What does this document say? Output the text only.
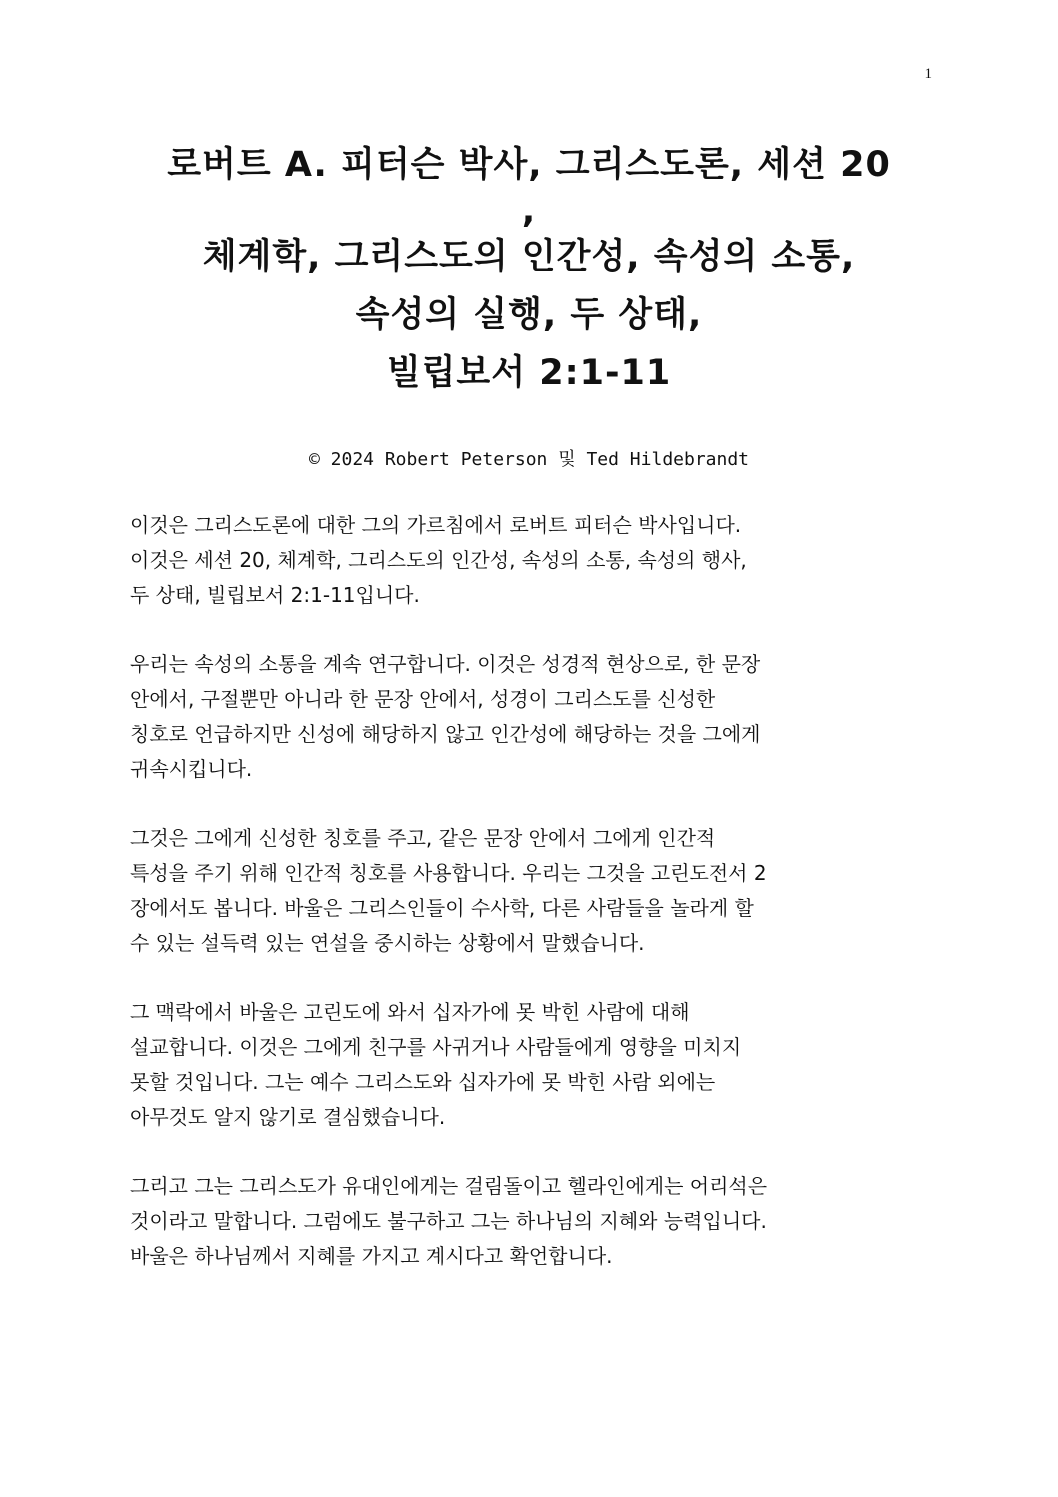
1
로버트 A. 피터슨 박사, 그리스도론, 세션 20
,
체계학, 그리스도의 인간성, 속성의 소통,
속성의 실행, 두 상태,
빌립보서 2:1-11
© 2024 Robert Peterson 및 Ted Hildebrandt

이것은 그리스도론에 대한 그의 가르침에서 로버트 피터슨 박사입니다.
이것은 세션 20, 체계학, 그리스도의 인간성, 속성의 소통, 속성의 행사,
두 상태, 빌립보서 2:1-11입니다.

우리는 속성의 소통을 계속 연구합니다. 이것은 성경적 현상으로, 한 문장
안에서, 구절뿐만 아니라 한 문장 안에서, 성경이 그리스도를 신성한
칭호로 언급하지만 신성에 해당하지 않고 인간성에 해당하는 것을 그에게
귀속시킵니다.

그것은 그에게 신성한 칭호를 주고, 같은 문장 안에서 그에게 인간적
특성을 주기 위해 인간적 칭호를 사용합니다. 우리는 그것을 고린도전서 2
장에서도 봅니다. 바울은 그리스인들이 수사학, 다른 사람들을 놀라게 할
수 있는 설득력 있는 연설을 중시하는 상황에서 말했습니다.

그 맥락에서 바울은 고린도에 와서 십자가에 못 박힌 사람에 대해
설교합니다. 이것은 그에게 친구를 사귀거나 사람들에게 영향을 미치지
못할 것입니다. 그는 예수 그리스도와 십자가에 못 박힌 사람 외에는
아무것도 알지 않기로 결심했습니다.

그리고 그는 그리스도가 유대인에게는 걸림돌이고 헬라인에게는 어리석은
것이라고 말합니다. 그럼에도 불구하고 그는 하나님의 지혜와 능력입니다.
바울은 하나님께서 지혜를 가지고 계시다고 확언합니다.
